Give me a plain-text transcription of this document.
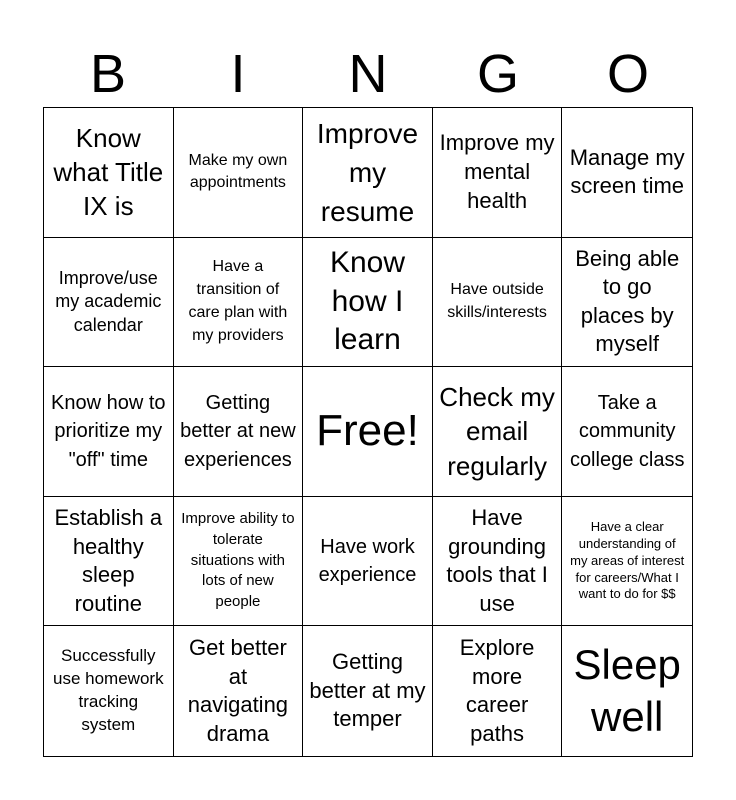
B	I	N	G	O
Know what Title IX is
Make my own appointments
Improve my resume
Improve my mental health
Manage my screen time
Improve/use my academic calendar
Have a transition of care plan with my providers
Know how I learn
Have outside skills/interests
Being able to go places by myself
Know how to prioritize my "off" time
Getting better at new experiences
Free!
Check my email regularly
Take a community college class
Establish a healthy sleep routine
Improve ability to tolerate situations with lots of new people
Have work experience
Have grounding tools that I use
Have a clear understanding of my areas of interest for careers/What I want to do for $$
Successfully use homework tracking system
Get better at navigating drama
Getting better at my temper
Explore more career paths
Sleep well
